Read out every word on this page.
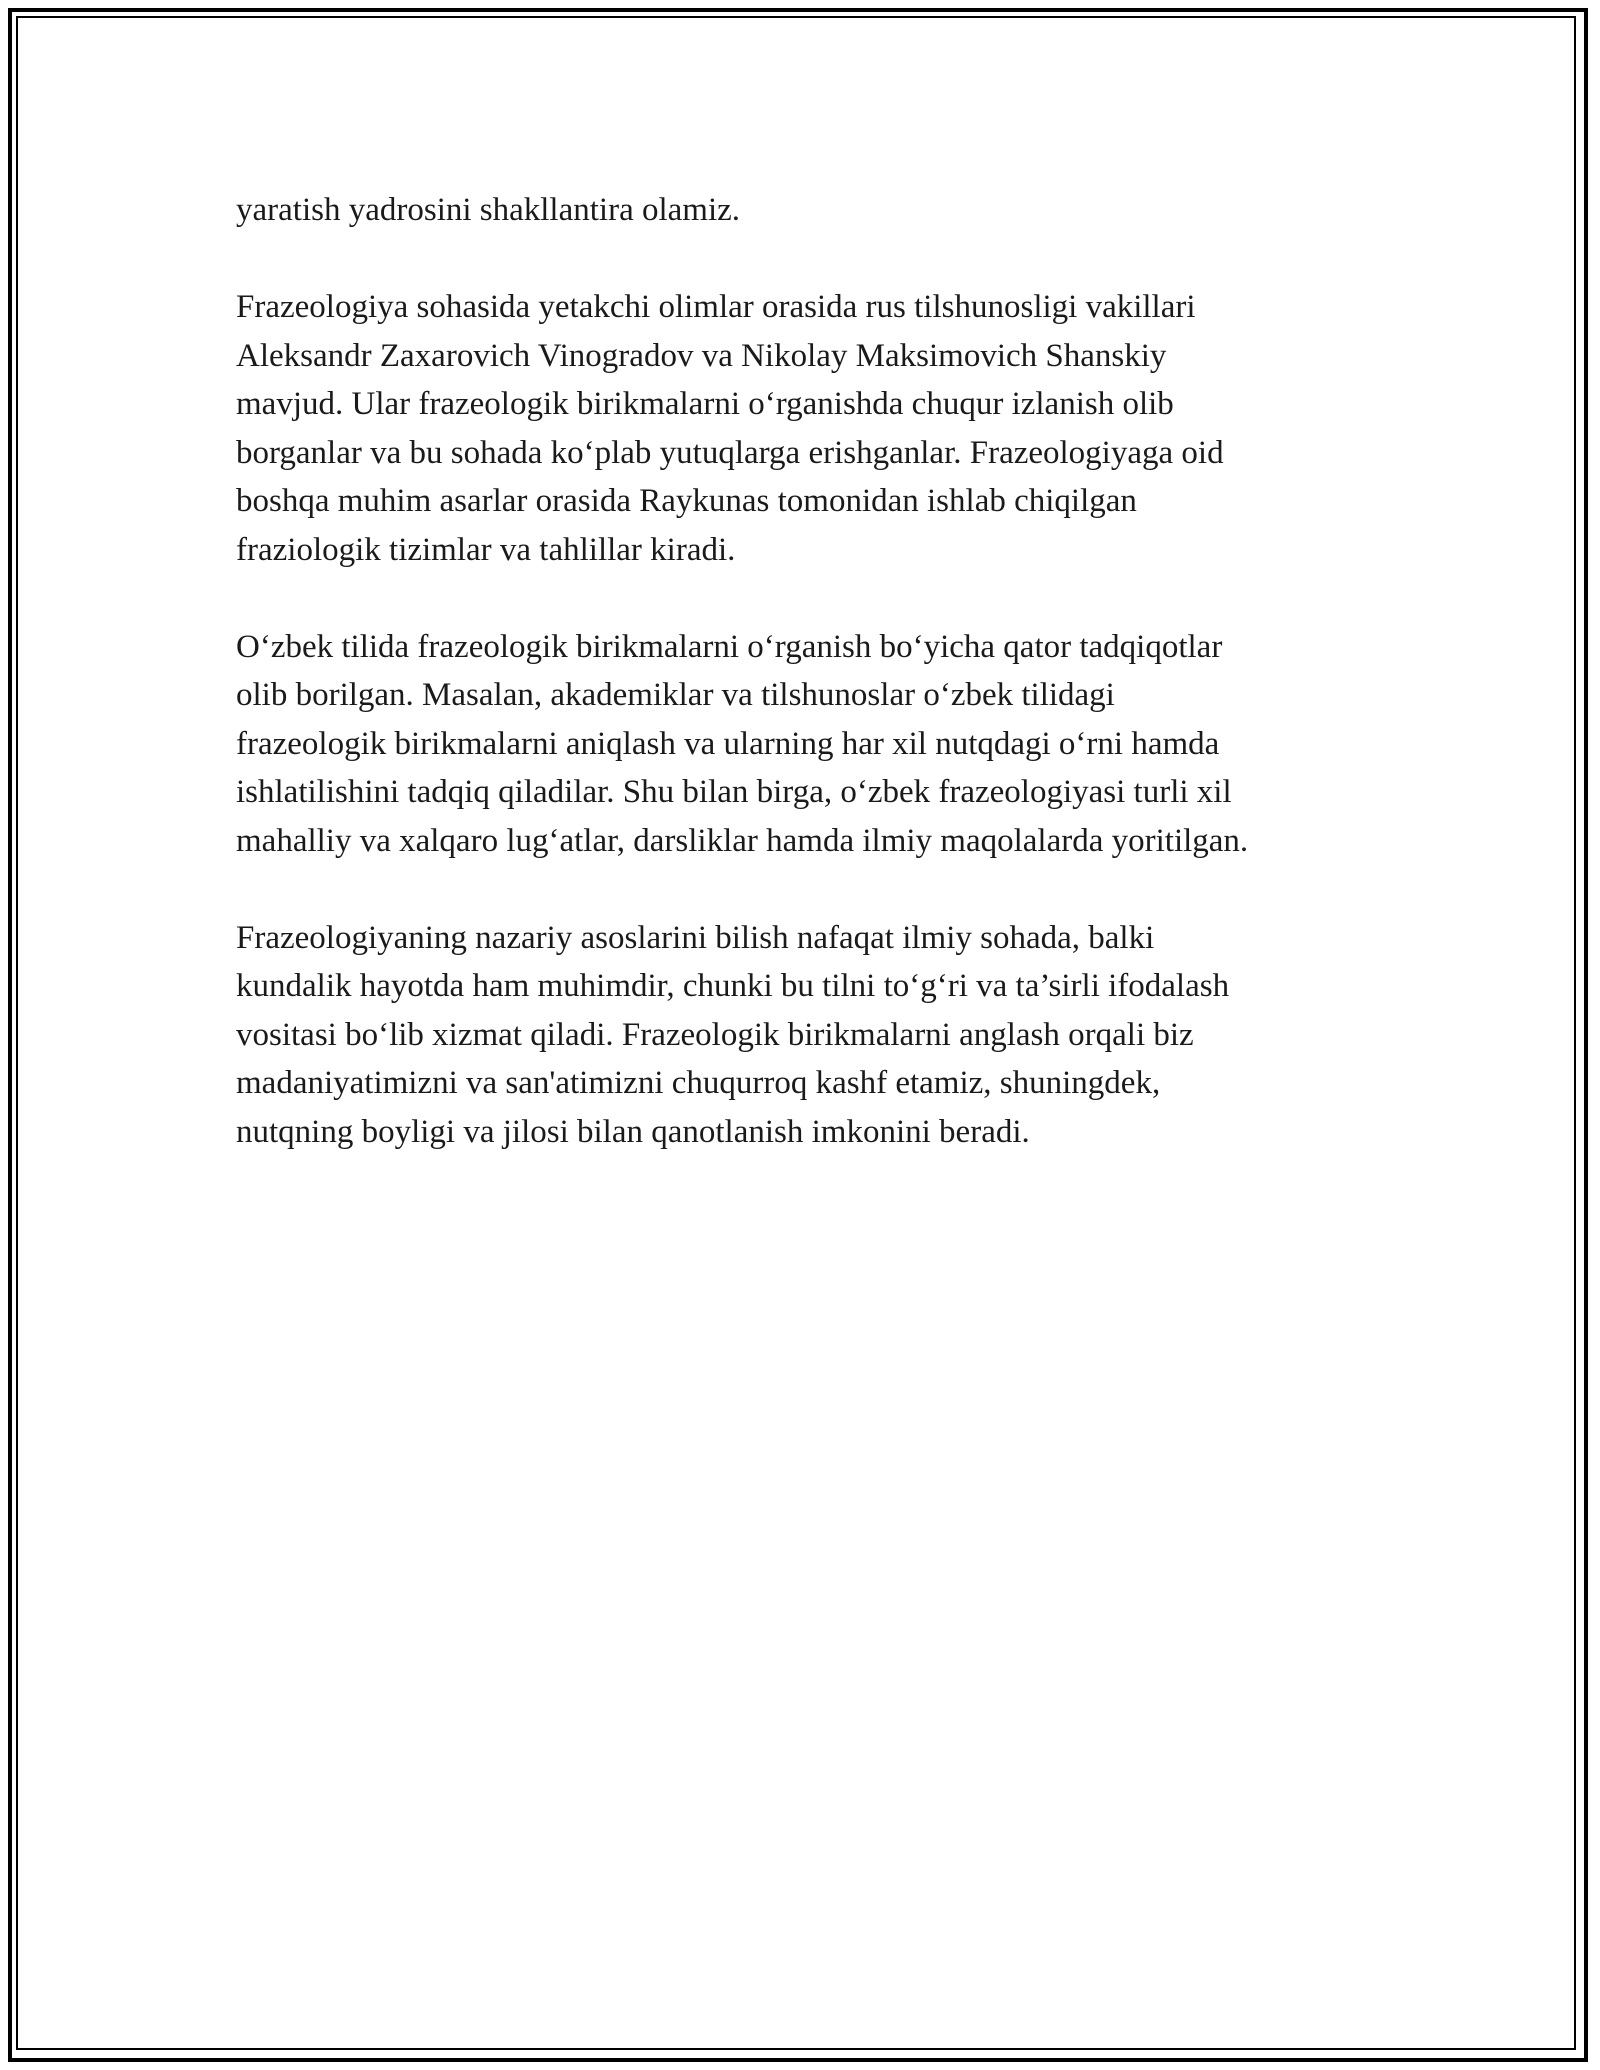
yaratish yadrosini shakllantira olamiz.

Frazeologiya sohasida yetakchi olimlar orasida rus tilshunosligi vakillari
Aleksandr Zaxarovich Vinogradov va Nikolay Maksimovich Shanskiy
mavjud. Ular frazeologik birikmalarni o‘rganishda chuqur izlanish olib
borganlar va bu sohada ko‘plab yutuqlarga erishganlar. Frazeologiyaga oid
boshqa muhim asarlar orasida Raykunas tomonidan ishlab chiqilgan
fraziologik tizimlar va tahlillar kiradi.

O‘zbek tilida frazeologik birikmalarni o‘rganish bo‘yicha qator tadqiqotlar
olib borilgan. Masalan, akademiklar va tilshunoslar o‘zbek tilidagi
frazeologik birikmalarni aniqlash va ularning har xil nutqdagi o‘rni hamda
ishlatilishini tadqiq qiladilar. Shu bilan birga, o‘zbek frazeologiyasi turli xil
mahalliy va xalqaro lug‘atlar, darsliklar hamda ilmiy maqolalarda yoritilgan.

Frazeologiyaning nazariy asoslarini bilish nafaqat ilmiy sohada, balki
kundalik hayotda ham muhimdir, chunki bu tilni to‘g‘ri va ta’sirli ifodalash
vositasi bo‘lib xizmat qiladi. Frazeologik birikmalarni anglash orqali biz
madaniyatimizni va san'atimizni chuqurroq kashf etamiz, shuningdek,
nutqning boyligi va jilosi bilan qanotlanish imkonini beradi.
